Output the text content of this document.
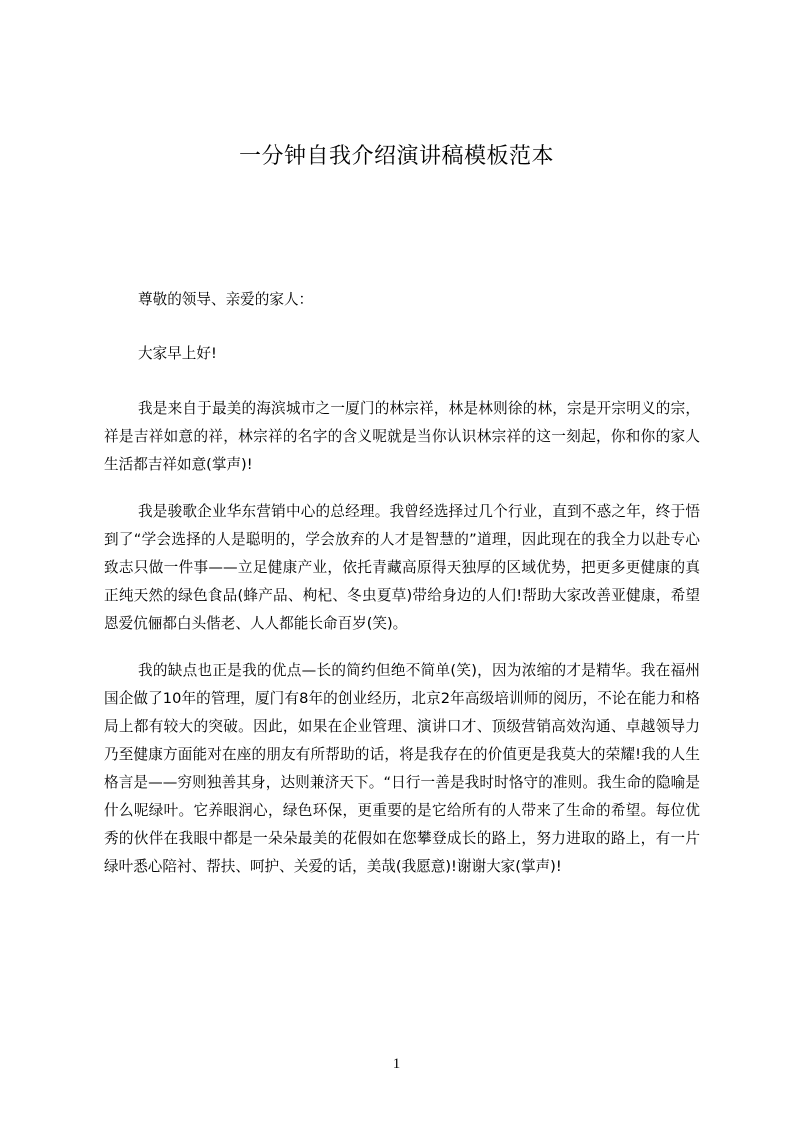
一分钟自我介绍演讲稿模板范本

尊敬的领导、亲爱的家人：

大家早上好!

我是来自于最美的海滨城市之一厦门的林宗祥，林是林则徐的林，宗是开宗明义的宗，祥是吉祥如意的祥，林宗祥的名字的含义呢就是当你认识林宗祥的这一刻起，你和你的家人生活都吉祥如意(掌声)!

我是骏歌企业华东营销中心的总经理。我曾经选择过几个行业，直到不惑之年，终于悟到了“学会选择的人是聪明的，学会放弃的人才是智慧的”道理，因此现在的我全力以赴专心致志只做一件事——立足健康产业，依托青藏高原得天独厚的区域优势，把更多更健康的真正纯天然的绿色食品(蜂产品、枸杞、冬虫夏草)带给身边的人们!帮助大家改善亚健康，希望恩爱伉俪都白头偕老、人人都能长命百岁(笑)。

我的缺点也正是我的优点—长的简约但绝不简单(笑)，因为浓缩的才是精华。我在福州国企做了10年的管理，厦门有8年的创业经历，北京2年高级培训师的阅历，不论在能力和格局上都有较大的突破。因此，如果在企业管理、演讲口才、顶级营销高效沟通、卓越领导力乃至健康方面能对在座的朋友有所帮助的话，将是我存在的价值更是我莫大的荣耀!我的人生格言是——穷则独善其身，达则兼济天下。“日行一善是我时时恪守的准则。我生命的隐喻是什么呢绿叶。它养眼润心，绿色环保，更重要的是它给所有的人带来了生命的希望。每位优秀的伙伴在我眼中都是一朵朵最美的花假如在您攀登成长的路上，努力进取的路上，有一片绿叶悉心陪衬、帮扶、呵护、关爱的话，美哉(我愿意)!谢谢大家(掌声)!

1
